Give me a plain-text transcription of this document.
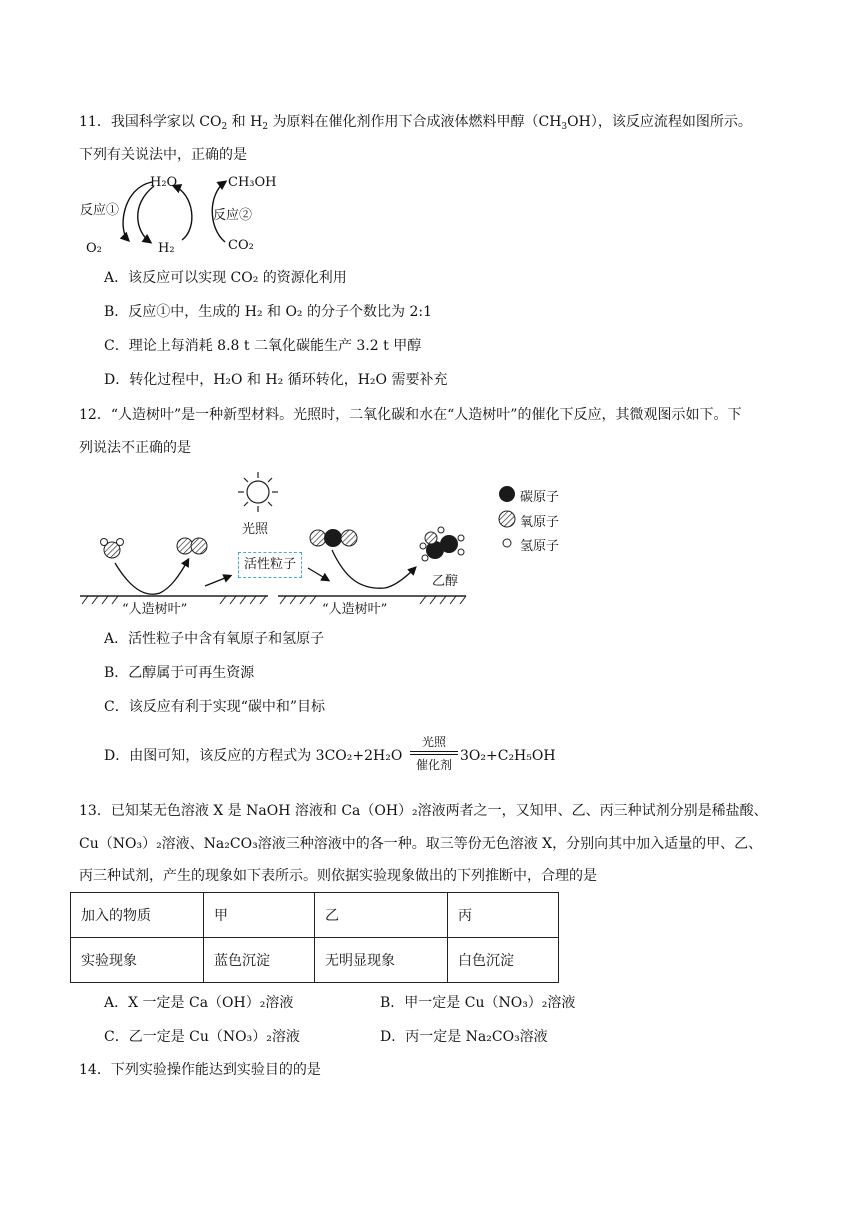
11．我国科学家以 $CO_2$ 和 $H_2$ 为原料在催化剂作用下合成液体燃料甲醇$(CH_3OH)$，该反应流程如图所示。
下列有关说法中，正确的是
H₂O	CH₃OH
反应①	反应②
O₂	H₂	CO₂
A．该反应可以实现 CO₂ 的资源化利用
B．反应①中，生成的 H₂ 和 O₂ 的分子个数比为 2:1
C．理论上每消耗 8.8 t 二氧化碳能生产 3.2 t 甲醇
D．转化过程中，H₂O 和 H₂ 循环转化，H₂O 需要补充
12．“人造树叶”是一种新型材料。光照时，二氧化碳和水在“人造树叶”的催化下反应，其微观图示如下。下
列说法不正确的是
光照
活性粒子
“人造树叶”	“人造树叶”
乙醇
碳原子
氧原子
氢原子
A．活性粒子中含有氧原子和氢原子
B．乙醇属于可再生资源
C．该反应有利于实现“碳中和”目标
D．由图可知，该反应的方程式为 3CO₂+2H₂O
光照
催化剂
3O₂+C₂H₅OH
13．已知某无色溶液 X 是 NaOH 溶液和 Ca（OH）₂溶液两者之一，又知甲、乙、丙三种试剂分别是稀盐酸、
Cu（NO₃）₂溶液、Na₂CO₃溶液三种溶液中的各一种。取三等份无色溶液 X，分别向其中加入适量的甲、乙、
丙三种试剂，产生的现象如下表所示。则依据实验现象做出的下列推断中，合理的是
加入的物质	甲	乙	丙
实验现象	蓝色沉淀	无明显现象	白色沉淀
A．X 一定是 Ca（OH）₂溶液	B．甲一定是 Cu（NO₃）₂溶液
C．乙一定是 Cu（NO₃）₂溶液	D．丙一定是 Na₂CO₃溶液
14．下列实验操作能达到实验目的的是
